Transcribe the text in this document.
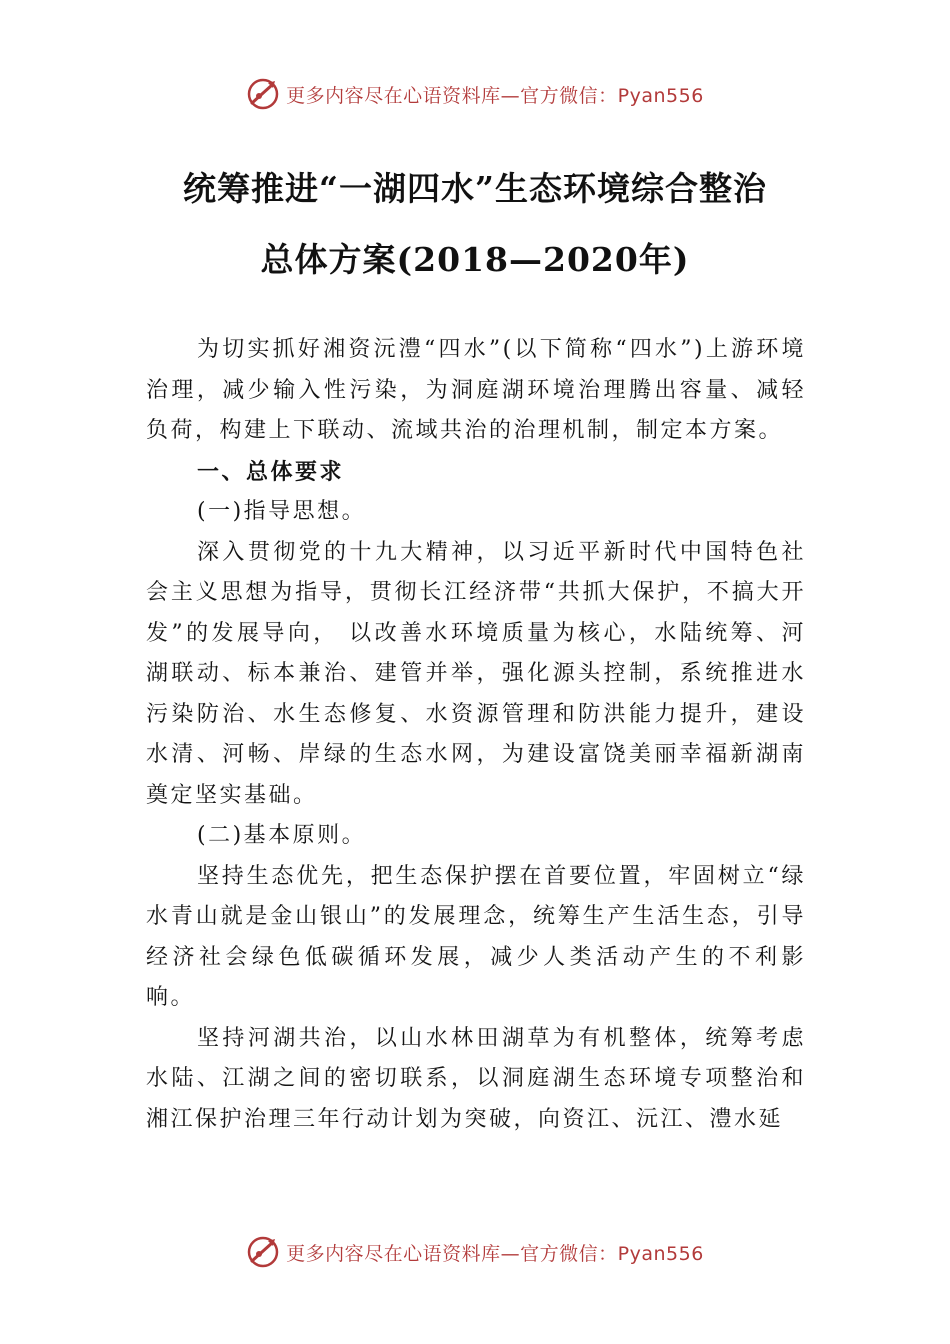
更多内容尽在心语资料库—官方微信：Pyan556
统筹推进“一湖四水”生态环境综合整治
总体方案(2018—2020年)

为切实抓好湘资沅澧“四水”(以下简称“四水”)上游环境治理，减少输入性污染，为洞庭湖环境治理腾出容量、减轻负荷，构建上下联动、流域共治的治理机制，制定本方案。

一、总体要求

(一)指导思想。

深入贯彻党的十九大精神，以习近平新时代中国特色社会主义思想为指导，贯彻长江经济带“共抓大保护，不搞大开发”的发展导向， 以改善水环境质量为核心，水陆统筹、河湖联动、标本兼治、建管并举，强化源头控制，系统推进水污染防治、水生态修复、水资源管理和防洪能力提升，建设水清、河畅、岸绿的生态水网，为建设富饶美丽幸福新湖南奠定坚实基础。

(二)基本原则。

坚持生态优先，把生态保护摆在首要位置，牢固树立“绿水青山就是金山银山”的发展理念，统筹生产生活生态，引导经济社会绿色低碳循环发展，减少人类活动产生的不利影响。

坚持河湖共治，以山水林田湖草为有机整体，统筹考虑水陆、江湖之间的密切联系，以洞庭湖生态环境专项整治和湘江保护治理三年行动计划为突破，向资江、沅江、澧水延

更多内容尽在心语资料库—官方微信：Pyan556
